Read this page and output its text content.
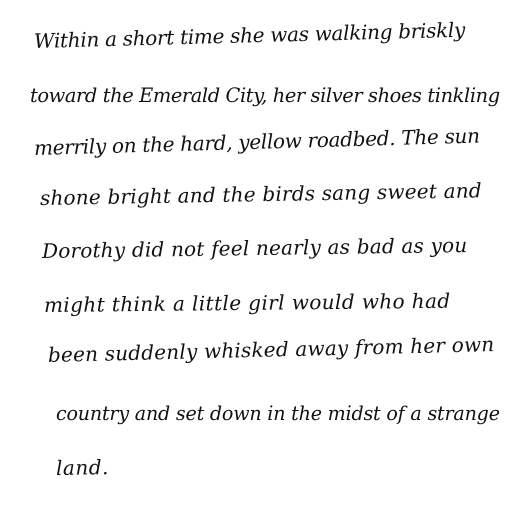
Within a short time she was walking briskly

toward the Emerald City, her silver shoes tinkling

merrily on the hard, yellow roadbed. The sun

shone bright and the birds sang sweet and

Dorothy did not feel nearly as bad as you

might think a little girl would who had

been suddenly whisked away from her own

country and set down in the midst of a strange

land.
